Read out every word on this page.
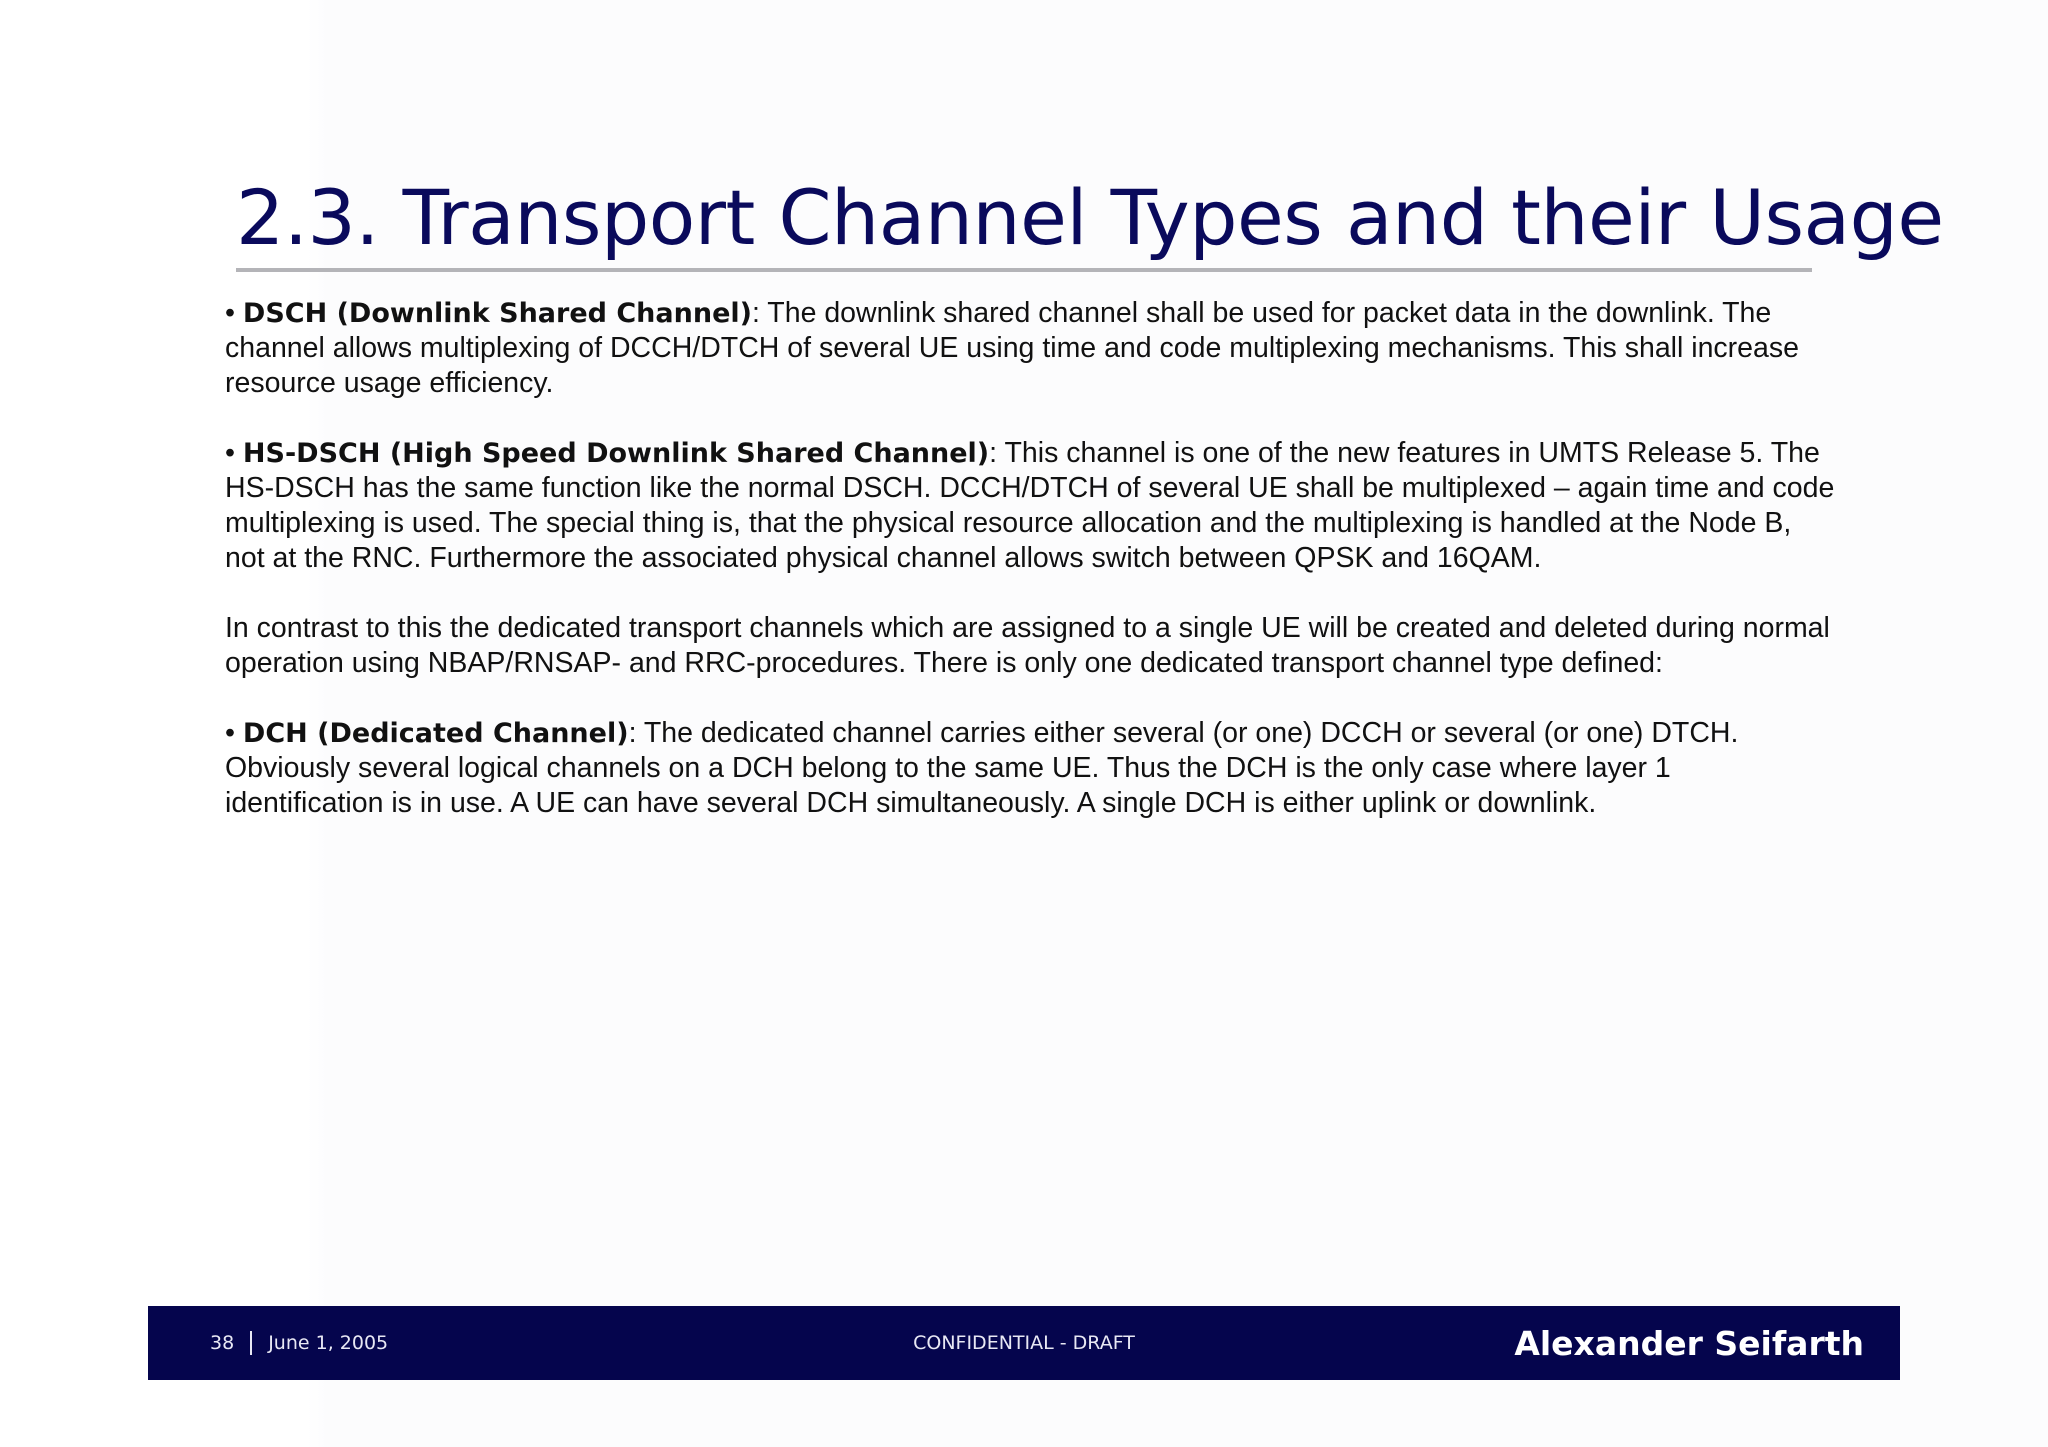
2.3. Transport Channel Types and their Usage

• DSCH (Downlink Shared Channel): The downlink shared channel shall be used for packet data in the downlink. The channel allows multiplexing of DCCH/DTCH of several UE using time and code multiplexing mechanisms. This shall increase resource usage efficiency.

• HS-DSCH (High Speed Downlink Shared Channel): This channel is one of the new features in UMTS Release 5. The HS-DSCH has the same function like the normal DSCH. DCCH/DTCH of several UE shall be multiplexed – again time and code multiplexing is used. The special thing is, that the physical resource allocation and the multiplexing is handled at the Node B, not at the RNC. Furthermore the associated physical channel allows switch between QPSK and 16QAM.

In contrast to this the dedicated transport channels which are assigned to a single UE will be created and deleted during normal operation using NBAP/RNSAP- and RRC-procedures. There is only one dedicated transport channel type defined:

• DCH (Dedicated Channel): The dedicated channel carries either several (or one) DCCH or several (or one) DTCH. Obviously several logical channels on a DCH belong to the same UE. Thus the DCH is the only case where layer 1 identification is in use. A UE can have several DCH simultaneously. A single DCH is either uplink or downlink.

38 June 1, 2005	CONFIDENTIAL - DRAFT	Alexander Seifarth
